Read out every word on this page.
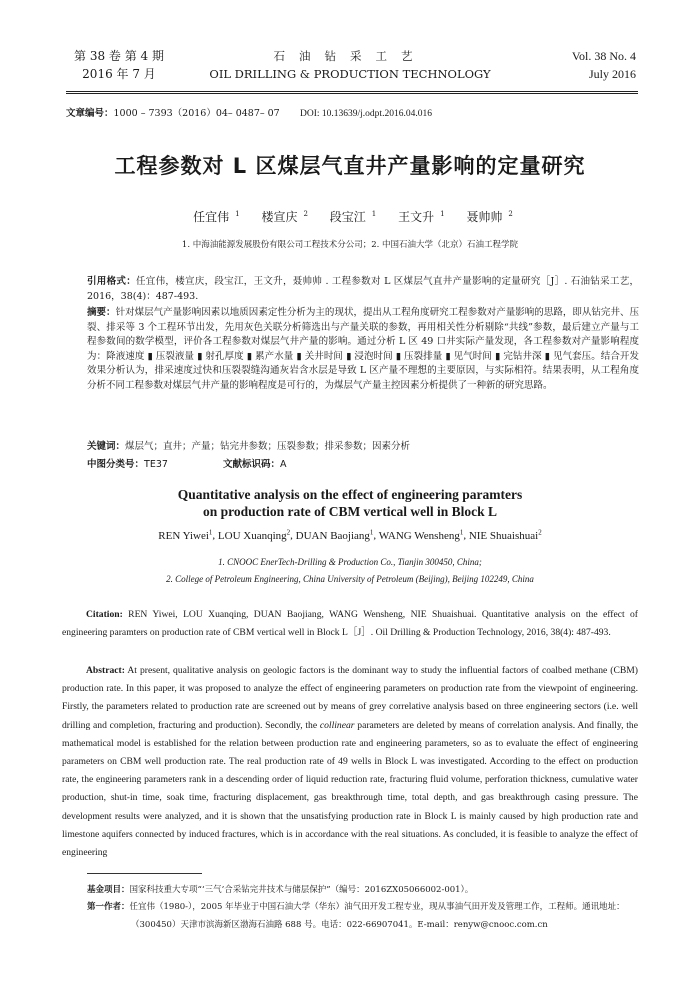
第 38 卷 第 4 期
2016 年 7 月
石油钻采工艺
OIL DRILLING & PRODUCTION TECHNOLOGY
Vol. 38 No. 4
July 2016
文章编号：1000 – 7393（2016）04– 0487– 07 DOI: 10.13639/j.odpt.2016.04.016
工程参数对 L 区煤层气直井产量影响的定量研究
任宜伟 $^1$ 楼宣庆 $^2$ 段宝江 $^1$ 王文升 $^1$ 聂帅帅 $^2$
1. 中海油能源发展股份有限公司工程技术分公司；2. 中国石油大学（北京）石油工程学院
引用格式：任宜伟，楼宣庆，段宝江，王文升，聂帅帅 . 工程参数对 L 区煤层气直井产量影响的定量研究［J］. 石油钻采工艺，2016，38(4)：487-493.
摘要：针对煤层气产量影响因素以地质因素定性分析为主的现状，提出从工程角度研究工程参数对产量影响的思路，即从钻完井、压裂、排采等 3 个工程环节出发，先用灰色关联分析筛选出与产量关联的参数，再用相关性分析剔除“共线”参数，最后建立产量与工程参数间的数学模型，评价各工程参数对煤层气井产量的影响。通过分析 L 区 49 口井实际产量发现，各工程参数对产量影响程度为：降液速度 ▮ 压裂液量 ▮ 射孔厚度 ▮ 累产水量 ▮ 关井时间 ▮ 浸泡时间 ▮ 压裂排量 ▮ 见气时间 ▮ 完钻井深 ▮ 见气套压。结合开发效果分析认为，排采速度过快和压裂裂缝沟通灰岩含水层是导致 L 区产量不理想的主要原因，与实际相符。结果表明，从工程角度分析不同工程参数对煤层气井产量的影响程度是可行的，为煤层气产量主控因素分析提供了一种新的研究思路。
关键词：煤层气；直井；产量；钻完井参数；压裂参数；排采参数；因素分析
中图分类号：TE37	文献标识码：A
Quantitative analysis on the effect of engineering paramters
on production rate of CBM vertical well in Block L
REN Yiwei$^1$, LOU Xuanqing$^2$, DUAN Baojiang$^1$, WANG Wensheng$^1$, NIE Shuaishuai$^2$
1. CNOOC EnerTech-Drilling & Production Co., Tianjin 300450, China;
2. College of Petroleum Engineering, China University of Petroleum (Beijing), Beijing 102249, China
Citation: REN Yiwei, LOU Xuanqing, DUAN Baojiang, WANG Wensheng, NIE Shuaishuai. Quantitative analysis on the effect of engineering paramters on production rate of CBM vertical well in Block L［J］. Oil Drilling & Production Technology, 2016, 38(4): 487-493.
Abstract: At present, qualitative analysis on geologic factors is the dominant way to study the influential factors of coalbed methane (CBM) production rate. In this paper, it was proposed to analyze the effect of engineering parameters on production rate from the viewpoint of engineering. Firstly, the parameters related to production rate are screened out by means of grey correlative analysis based on three engineering sectors (i.e. well drilling and completion, fracturing and production). Secondly, the collinear parameters are deleted by means of correlation analysis. And finally, the mathematical model is established for the relation between production rate and engineering parameters, so as to evaluate the effect of engineering parameters on CBM well production rate. The real production rate of 49 wells in Block L was investigated. According to the effect on production rate, the engineering parameters rank in a descending order of liquid reduction rate, fracturing fluid volume, perforation thickness, cumulative water production, shut-in time, soak time, fracturing displacement, gas breakthrough time, total depth, and gas breakthrough casing pressure. The development results were analyzed, and it is shown that the unsatisfying production rate in Block L is mainly caused by high production rate and limestone aquifers connected by induced fractures, which is in accordance with the real situations. As concluded, it is feasible to analyze the effect of engineering
基金项目：国家科技重大专项“‘三气’合采钻完井技术与储层保护”（编号：2016ZX05066002-001）。
第一作者：任宜伟（1980-），2005 年毕业于中国石油大学（华东）油气田开发工程专业，现从事油气田开发及管理工作，工程师。通讯地址：
（300450）天津市滨海新区渤海石油路 688 号。电话：022-66907041。E-mail：renyw@cnooc.com.cn
